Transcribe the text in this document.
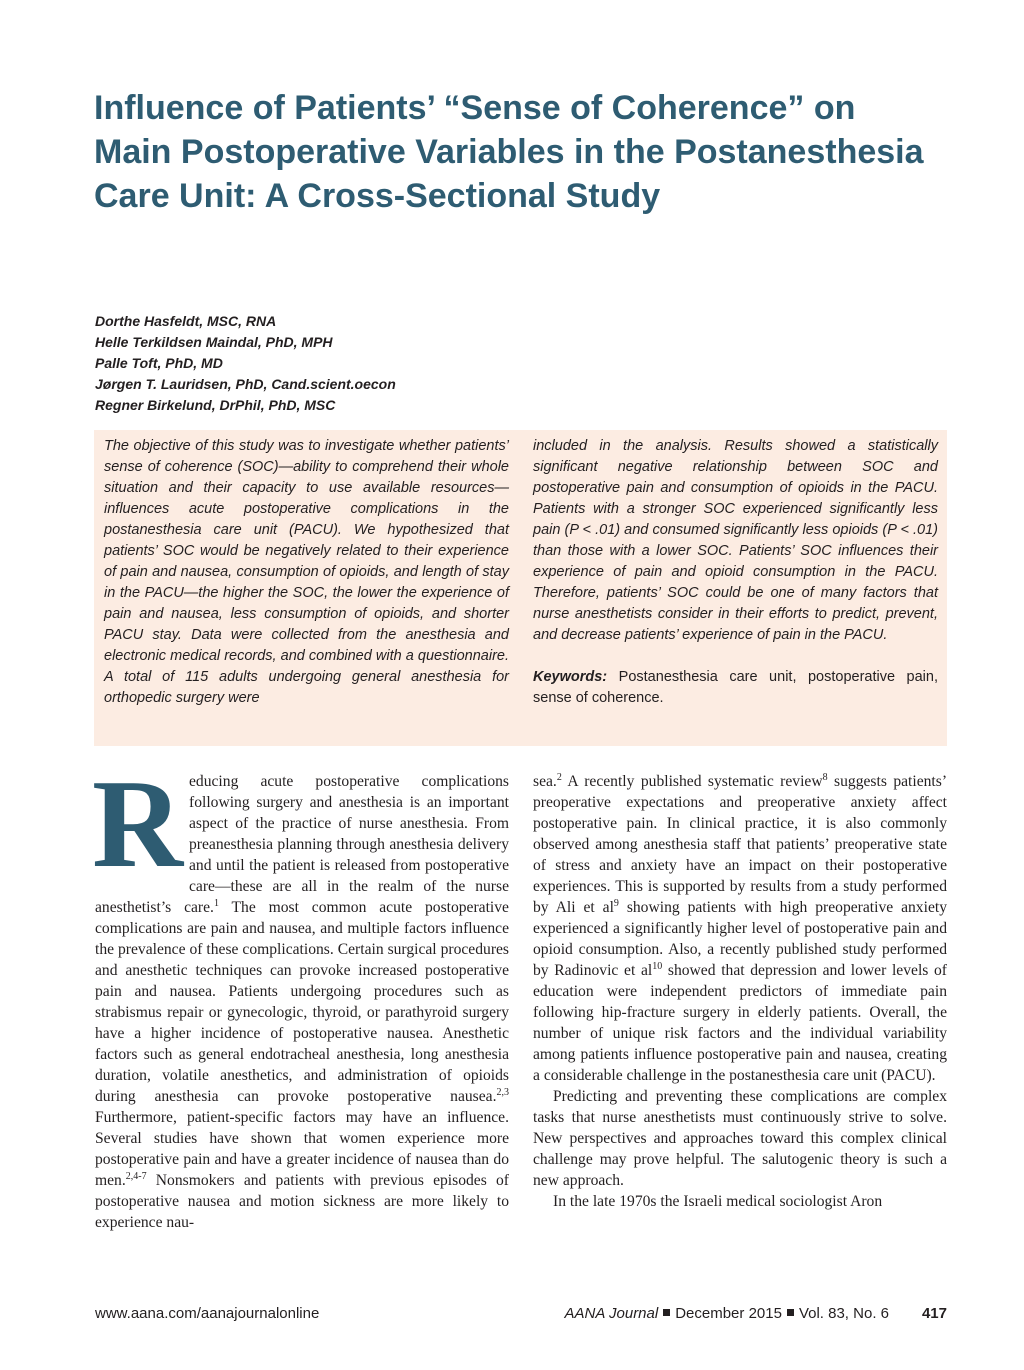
Influence of Patients’ “Sense of Coherence” on Main Postoperative Variables in the Postanesthesia Care Unit: A Cross-Sectional Study
Dorthe Hasfeldt, MSC, RNA
Helle Terkildsen Maindal, PhD, MPH
Palle Toft, PhD, MD
Jørgen T. Lauridsen, PhD, Cand.scient.oecon
Regner Birkelund, DrPhil, PhD, MSC

The objective of this study was to investigate whether patients’ sense of coherence (SOC)—ability to comprehend their whole situation and their capacity to use available resources—influences acute postoperative complications in the postanesthesia care unit (PACU). We hypothesized that patients’ SOC would be negatively related to their experience of pain and nausea, consumption of opioids, and length of stay in the PACU—the higher the SOC, the lower the experience of pain and nausea, less consumption of opioids, and shorter PACU stay. Data were collected from the anesthesia and electronic medical records, and combined with a questionnaire. A total of 115 adults undergoing general anesthesia for orthopedic surgery were

included in the analysis. Results showed a statistically significant negative relationship between SOC and postoperative pain and consumption of opioids in the PACU. Patients with a stronger SOC experienced significantly less pain (P < .01) and consumed significantly less opioids (P < .01) than those with a lower SOC. Patients’ SOC influences their experience of pain and opioid consumption in the PACU. Therefore, patients’ SOC could be one of many factors that nurse anesthetists consider in their efforts to predict, prevent, and decrease patients’ experience of pain in the PACU.

Keywords: Postanesthesia care unit, postoperative pain, sense of coherence.

Reducing acute postoperative complications following surgery and anesthesia is an important aspect of the practice of nurse anesthesia. From preanesthesia planning through anesthesia delivery and until the patient is released from postoperative care—these are all in the realm of the nurse anesthetist’s care.$^1$ The most common acute postoperative complications are pain and nausea, and multiple factors influence the prevalence of these complications. Certain surgical procedures and anesthetic techniques can provoke increased postoperative pain and nausea. Patients undergoing procedures such as strabismus repair or gynecologic, thyroid, or parathyroid surgery have a higher incidence of postoperative nausea. Anesthetic factors such as general endotracheal anesthesia, long anesthesia duration, volatile anesthetics, and administration of opioids during anesthesia can provoke postoperative nausea.$^{2,3}$ Furthermore, patient-specific factors may have an influence. Several studies have shown that women experience more postoperative pain and have a greater incidence of nausea than do men.$^{2,4-7}$ Nonsmokers and patients with previous episodes of postoperative nausea and motion sickness are more likely to experience nau-

sea.$^2$ A recently published systematic review$^8$ suggests patients’ preoperative expectations and preoperative anxiety affect postoperative pain. In clinical practice, it is also commonly observed among anesthesia staff that patients’ preoperative state of stress and anxiety have an impact on their postoperative experiences. This is supported by results from a study performed by Ali et $al^9$ showing patients with high preoperative anxiety experienced a significantly higher level of postoperative pain and opioid consumption. Also, a recently published study performed by Radinovic et $al^{10}$ showed that depression and lower levels of education were independent predictors of immediate pain following hip-fracture surgery in elderly patients. Overall, the number of unique risk factors and the individual variability among patients influence postoperative pain and nausea, creating a considerable challenge in the postanesthesia care unit (PACU).

Predicting and preventing these complications are complex tasks that nurse anesthetists must continuously strive to solve. New perspectives and approaches toward this complex clinical challenge may prove helpful. The salutogenic theory is such a new approach.

In the late 1970s the Israeli medical sociologist Aron

www.aana.com/aanajournalonline	AANA Journal December 2015 Vol. 83, No. 6 417
